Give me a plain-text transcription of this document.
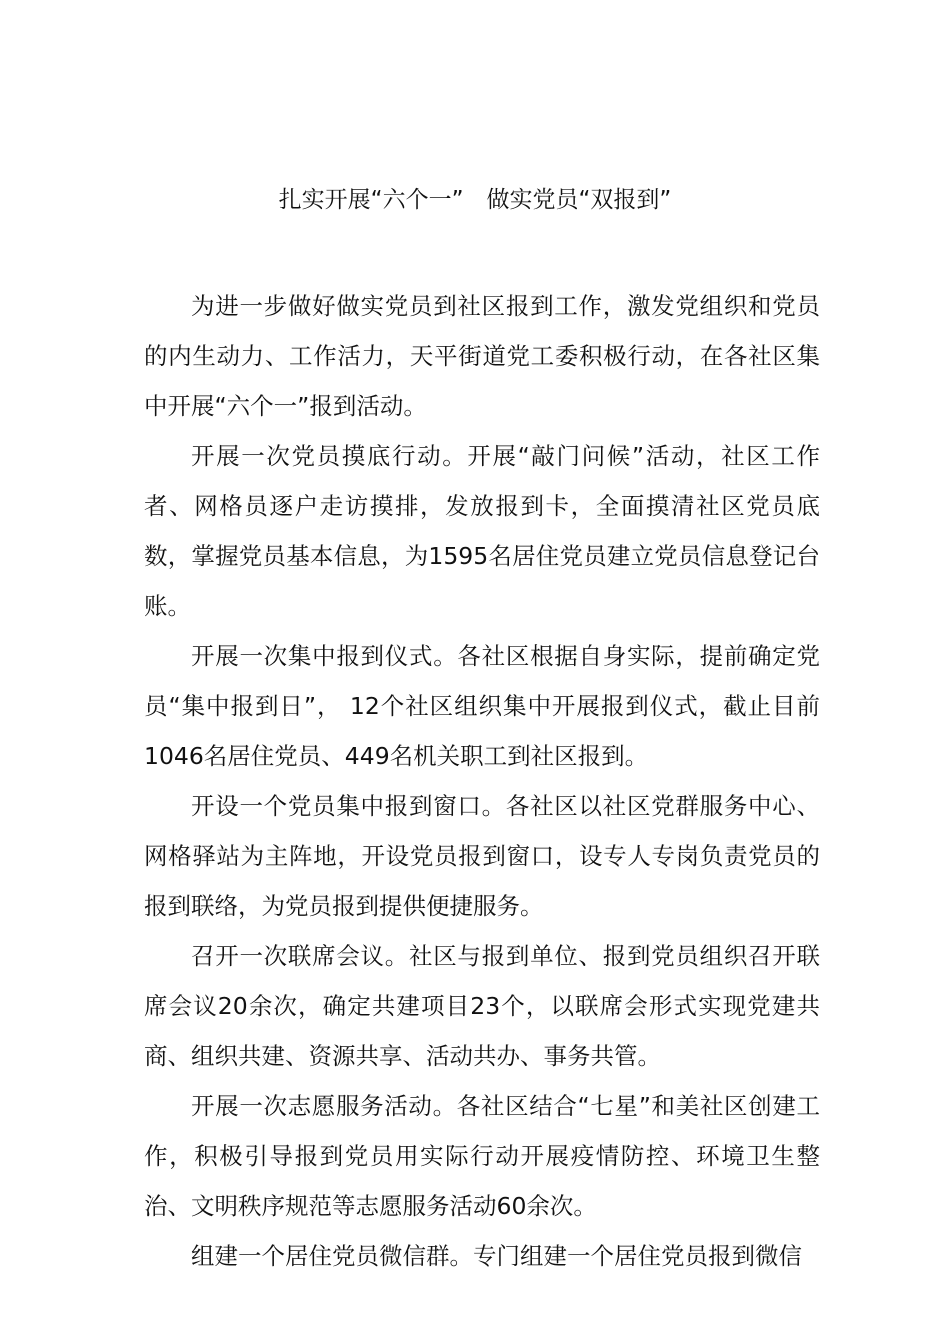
扎实开展“六个一”　做实党员“双报到”

为进一步做好做实党员到社区报到工作，激发党组织和党员的内生动力、工作活力，天平街道党工委积极行动，在各社区集中开展“六个一”报到活动。

开展一次党员摸底行动。开展“敲门问候”活动，社区工作者、网格员逐户走访摸排，发放报到卡，全面摸清社区党员底数，掌握党员基本信息，为1595名居住党员建立党员信息登记台账。

开展一次集中报到仪式。各社区根据自身实际，提前确定党员“集中报到日”， 12个社区组织集中开展报到仪式，截止目前1046名居住党员、449名机关职工到社区报到。

开设一个党员集中报到窗口。各社区以社区党群服务中心、网格驿站为主阵地，开设党员报到窗口，设专人专岗负责党员的报到联络，为党员报到提供便捷服务。

召开一次联席会议。社区与报到单位、报到党员组织召开联席会议20余次，确定共建项目23个，以联席会形式实现党建共商、组织共建、资源共享、活动共办、事务共管。

开展一次志愿服务活动。各社区结合“七星”和美社区创建工作，积极引导报到党员用实际行动开展疫情防控、环境卫生整治、文明秩序规范等志愿服务活动60余次。

组建一个居住党员微信群。专门组建一个居住党员报到微信
